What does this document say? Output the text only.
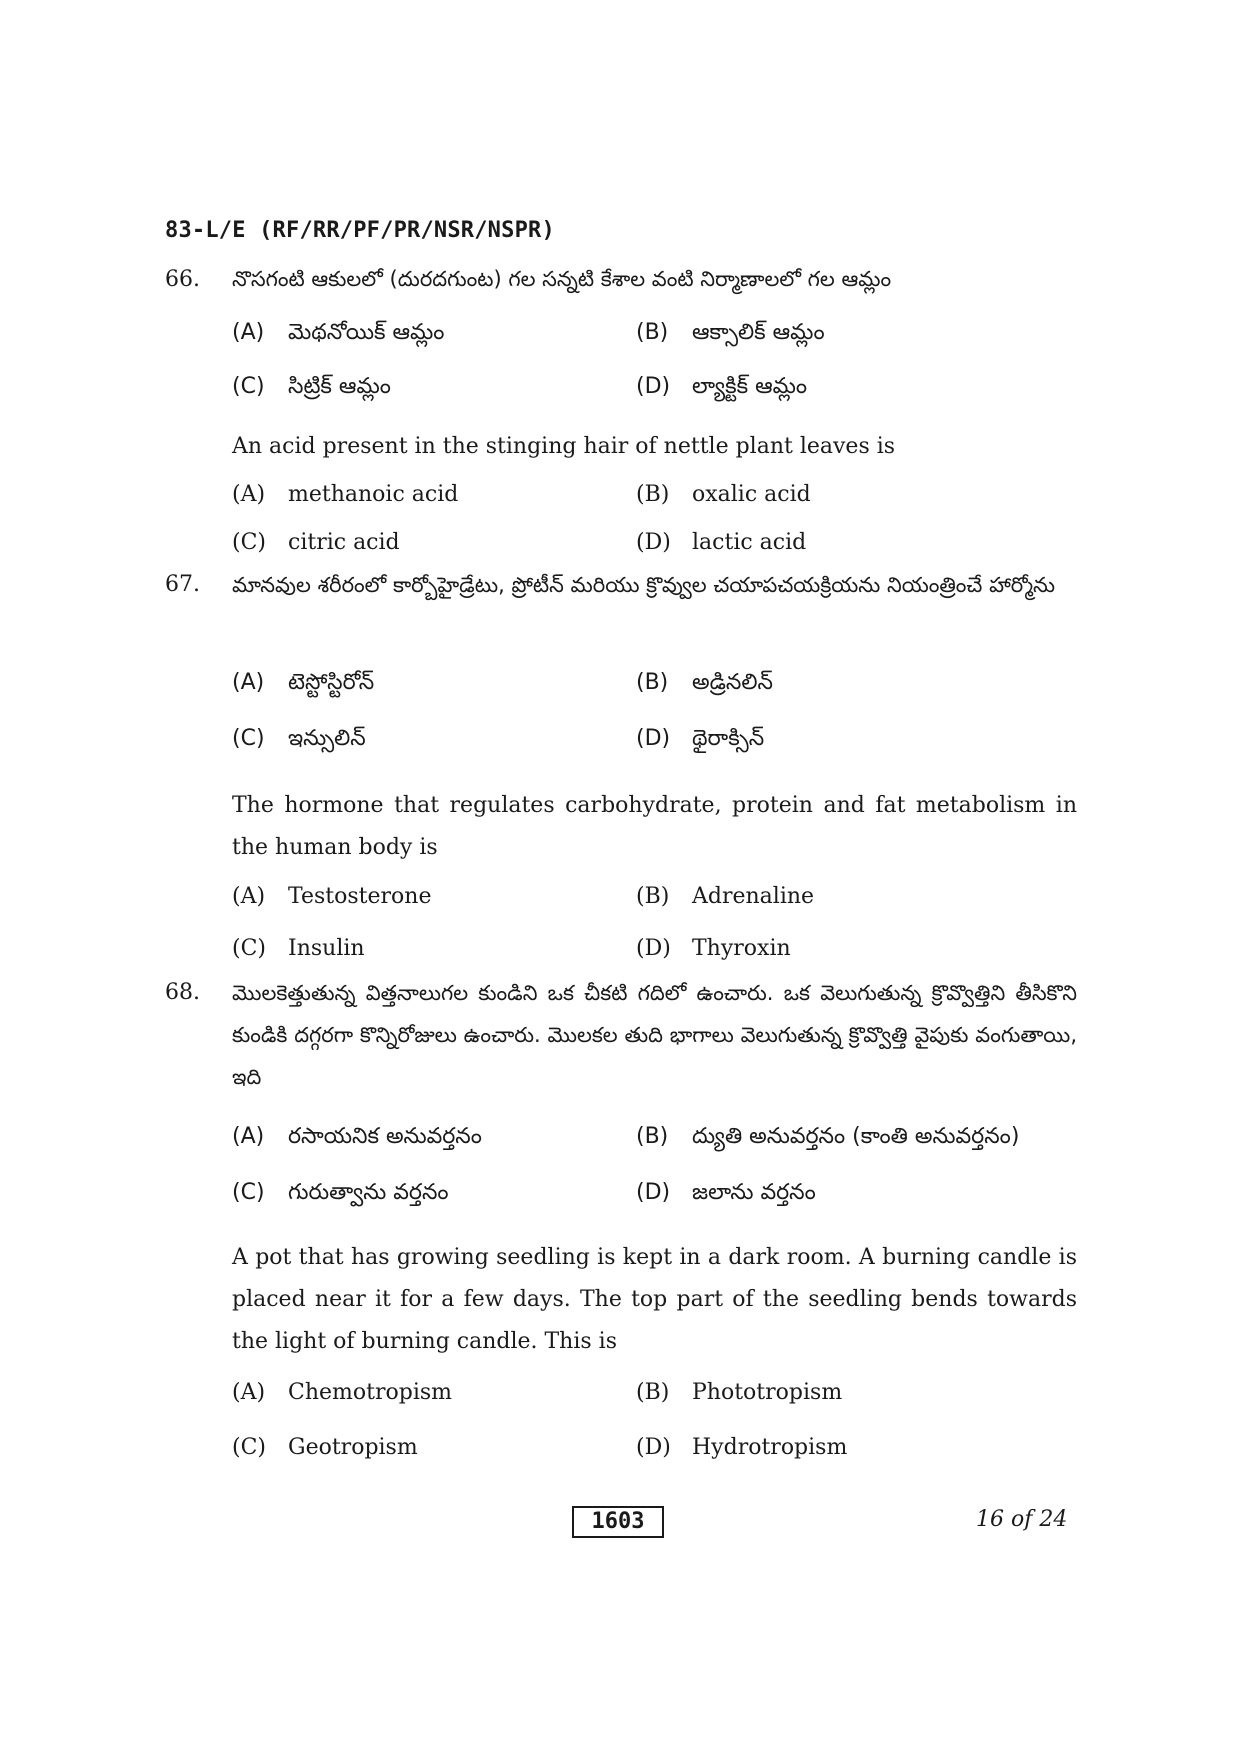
83-L/E (RF/RR/PF/PR/NSR/NSPR)
66. నొసగంటి ఆకులలో (దురదగుంట) గల సన్నటి కేశాల వంటి నిర్మాణాలలో గల ఆమ్లం
(A) మెథనోయిక్ ఆమ్లం	(B) ఆక్సాలిక్ ఆమ్లం
(C) సిట్రిక్ ఆమ్లం	(D) ల్యాక్టిక్ ఆమ్లం
An acid present in the stinging hair of nettle plant leaves is
(A) methanoic acid	(B) oxalic acid
(C) citric acid	(D) lactic acid
67. మానవుల శరీరంలో కార్బోహైడ్రేటు, ప్రోటీన్ మరియు క్రొవ్వుల చయాపచయక్రియను నియంత్రించే హార్మోను
(A) టెస్టోస్టిరోన్	(B) అడ్రినలిన్
(C) ఇన్సులిన్	(D) థైరాక్సిన్
The hormone that regulates carbohydrate, protein and fat metabolism in the human body is
(A) Testosterone	(B) Adrenaline
(C) Insulin	(D) Thyroxin
68. మొలకెత్తుతున్న విత్తనాలుగల కుండిని ఒక చీకటి గదిలో ఉంచారు. ఒక వెలుగుతున్న క్రొవ్వొత్తిని తీసికొని కుండికి దగ్గరగా కొన్నిరోజులు ఉంచారు. మొలకల తుది భాగాలు వెలుగుతున్న క్రొవ్వొత్తి వైపుకు వంగుతాయి, ఇది
(A) రసాయనిక అనువర్తనం	(B) ద్యుతి అనువర్తనం (కాంతి అనువర్తనం)
(C) గురుత్వాను వర్తనం	(D) జలాను వర్తనం
A pot that has growing seedling is kept in a dark room. A burning candle is placed near it for a few days. The top part of the seedling bends towards the light of burning candle. This is
(A) Chemotropism	(B) Phototropism
(C) Geotropism	(D) Hydrotropism
1603	16 of 24
